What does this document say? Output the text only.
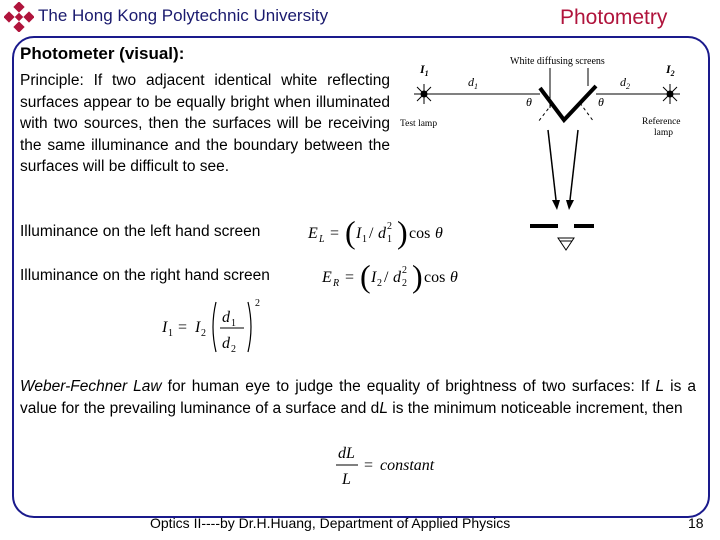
The Hong Kong Polytechnic University	Photometry
Photometer (visual):
Principle: If two adjacent identical white reflecting surfaces appear to be equally bright when illuminated with two sources, then the surfaces will be receiving the same illuminance and the boundary between the surfaces will be difficult to see.
White diffusing screens
$I_1$	$I_2$
$d_1$	$d_2$
Test lamp	Reference
lamp
θ	θ
Illuminance on the left hand screen	E L = ( I 1 / d 1
2 ) cos θ
Illuminance on the right hand screen	E R = ( I 2 / d 2
2 ) cos θ
I 1 = I 2
d 1
d 2
2
Weber-Fechner Law for human eye to judge the equality of brightness of two surfaces: If L is a value for the prevailing luminance of a surface and dL is the minimum noticeable increment, then
dL
L
= constant
Optics II----by Dr.H.Huang, Department of Applied Physics	18
